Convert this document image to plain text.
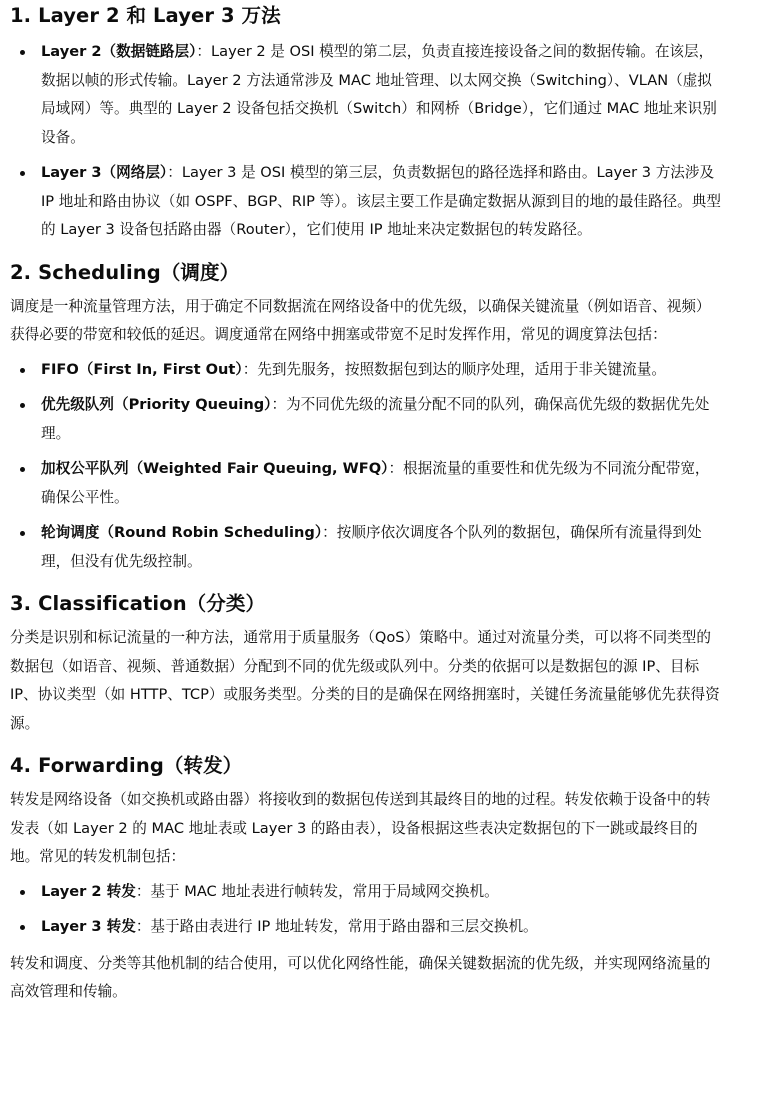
1. Layer 2 和 Layer 3 万法
Layer 2（数据链路层）：Layer 2 是 OSI 模型的第二层，负责直接连接设备之间的数据传输。在该层，数据以帧的形式传输。Layer 2 方法通常涉及 MAC 地址管理、以太网交换（Switching）、VLAN（虚拟局域网）等。典型的 Layer 2 设备包括交换机（Switch）和网桥（Bridge），它们通过 MAC 地址来识别设备。
Layer 3（网络层）：Layer 3 是 OSI 模型的第三层，负责数据包的路径选择和路由。Layer 3 方法涉及 IP 地址和路由协议（如 OSPF、BGP、RIP 等）。该层主要工作是确定数据从源到目的地的最佳路径。典型的 Layer 3 设备包括路由器（Router），它们使用 IP 地址来决定数据包的转发路径。
2. Scheduling（调度）

调度是一种流量管理方法，用于确定不同数据流在网络设备中的优先级，以确保关键流量（例如语音、视频）获得必要的带宽和较低的延迟。调度通常在网络中拥塞或带宽不足时发挥作用，常见的调度算法包括：

FIFO（First In, First Out）：先到先服务，按照数据包到达的顺序处理，适用于非关键流量。
优先级队列（Priority Queuing）：为不同优先级的流量分配不同的队列，确保高优先级的数据优先处理。
加权公平队列（Weighted Fair Queuing, WFQ）：根据流量的重要性和优先级为不同流分配带宽，确保公平性。
轮询调度（Round Robin Scheduling）：按顺序依次调度各个队列的数据包，确保所有流量得到处理，但没有优先级控制。
3. Classification（分类）

分类是识别和标记流量的一种方法，通常用于质量服务（QoS）策略中。通过对流量分类，可以将不同类型的数据包（如语音、视频、普通数据）分配到不同的优先级或队列中。分类的依据可以是数据包的源 IP、目标 IP、协议类型（如 HTTP、TCP）或服务类型。分类的目的是确保在网络拥塞时，关键任务流量能够优先获得资源。

4. Forwarding（转发）

转发是网络设备（如交换机或路由器）将接收到的数据包传送到其最终目的地的过程。转发依赖于设备中的转发表（如 Layer 2 的 MAC 地址表或 Layer 3 的路由表），设备根据这些表决定数据包的下一跳或最终目的地。常见的转发机制包括：

Layer 2 转发：基于 MAC 地址表进行帧转发，常用于局域网交换机。
Layer 3 转发：基于路由表进行 IP 地址转发，常用于路由器和三层交换机。

转发和调度、分类等其他机制的结合使用，可以优化网络性能，确保关键数据流的优先级，并实现网络流量的高效管理和传输。
